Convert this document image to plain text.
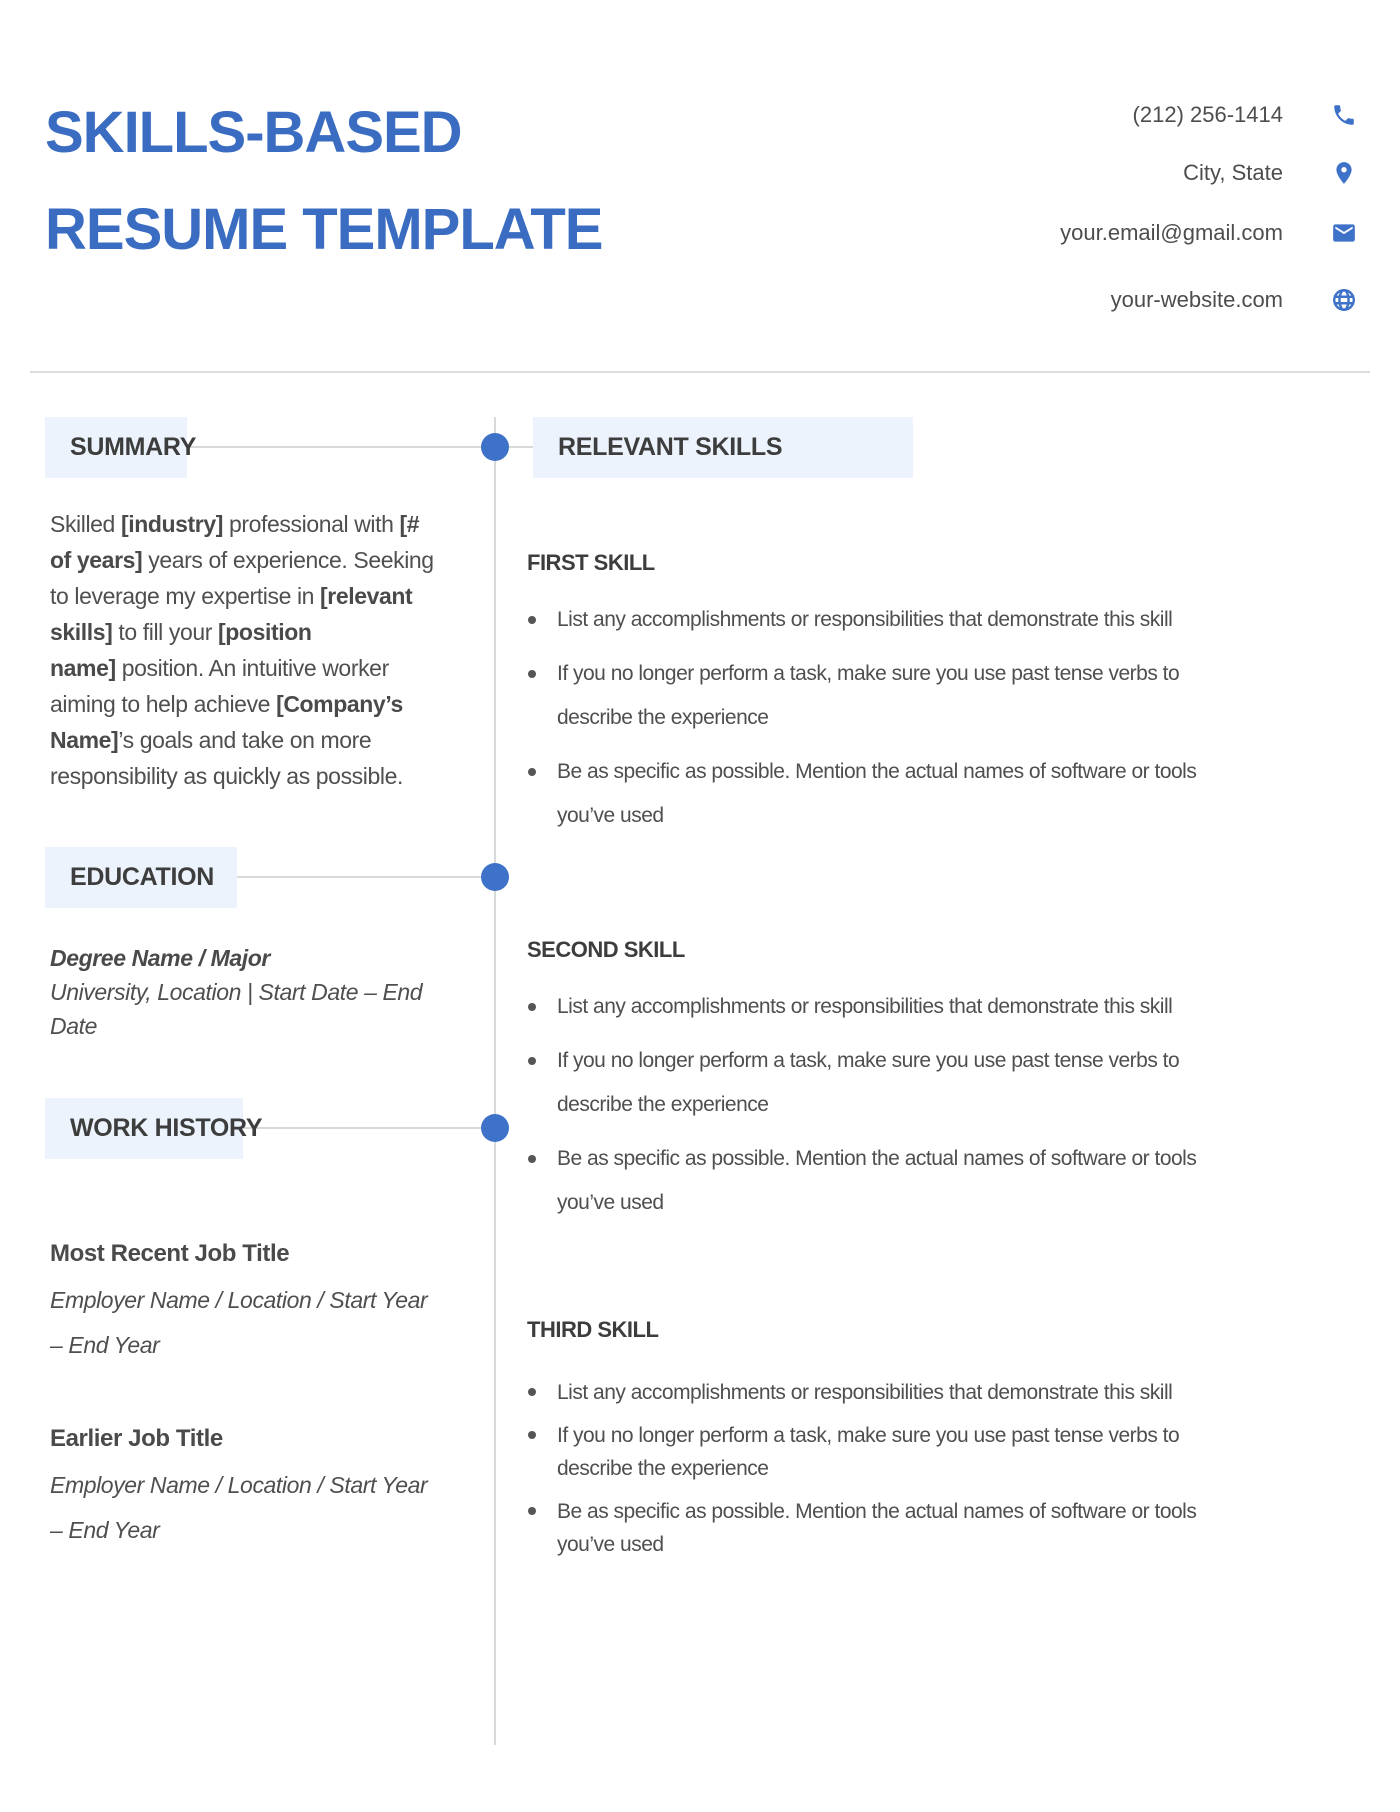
SKILLS-BASED
RESUME TEMPLATE
(212) 256-1414
City, State
your.email@gmail.com
your-website.com
SUMMARY

Skilled [industry] professional with [#
of years] years of experience. Seeking
to leverage my expertise in [relevant
skills] to fill your [position
name] position. An intuitive worker
aiming to help achieve [Company’s
Name]’s goals and take on more
responsibility as quickly as possible.

EDUCATION

Degree Name / Major

University, Location | Start Date – End
Date

WORK HISTORY

Most Recent Job Title

Employer Name / Location / Start Year
– End Year

Earlier Job Title

Employer Name / Location / Start Year
– End Year

RELEVANT SKILLS
FIRST SKILL
List any accomplishments or responsibilities that demonstrate this skill
If you no longer perform a task, make sure you use past tense verbs to
describe the experience
Be as specific as possible. Mention the actual names of software or tools
you’ve used
SECOND SKILL
List any accomplishments or responsibilities that demonstrate this skill
If you no longer perform a task, make sure you use past tense verbs to
describe the experience
Be as specific as possible. Mention the actual names of software or tools
you’ve used
THIRD SKILL
List any accomplishments or responsibilities that demonstrate this skill
If you no longer perform a task, make sure you use past tense verbs to
describe the experience
Be as specific as possible. Mention the actual names of software or tools
you’ve used
